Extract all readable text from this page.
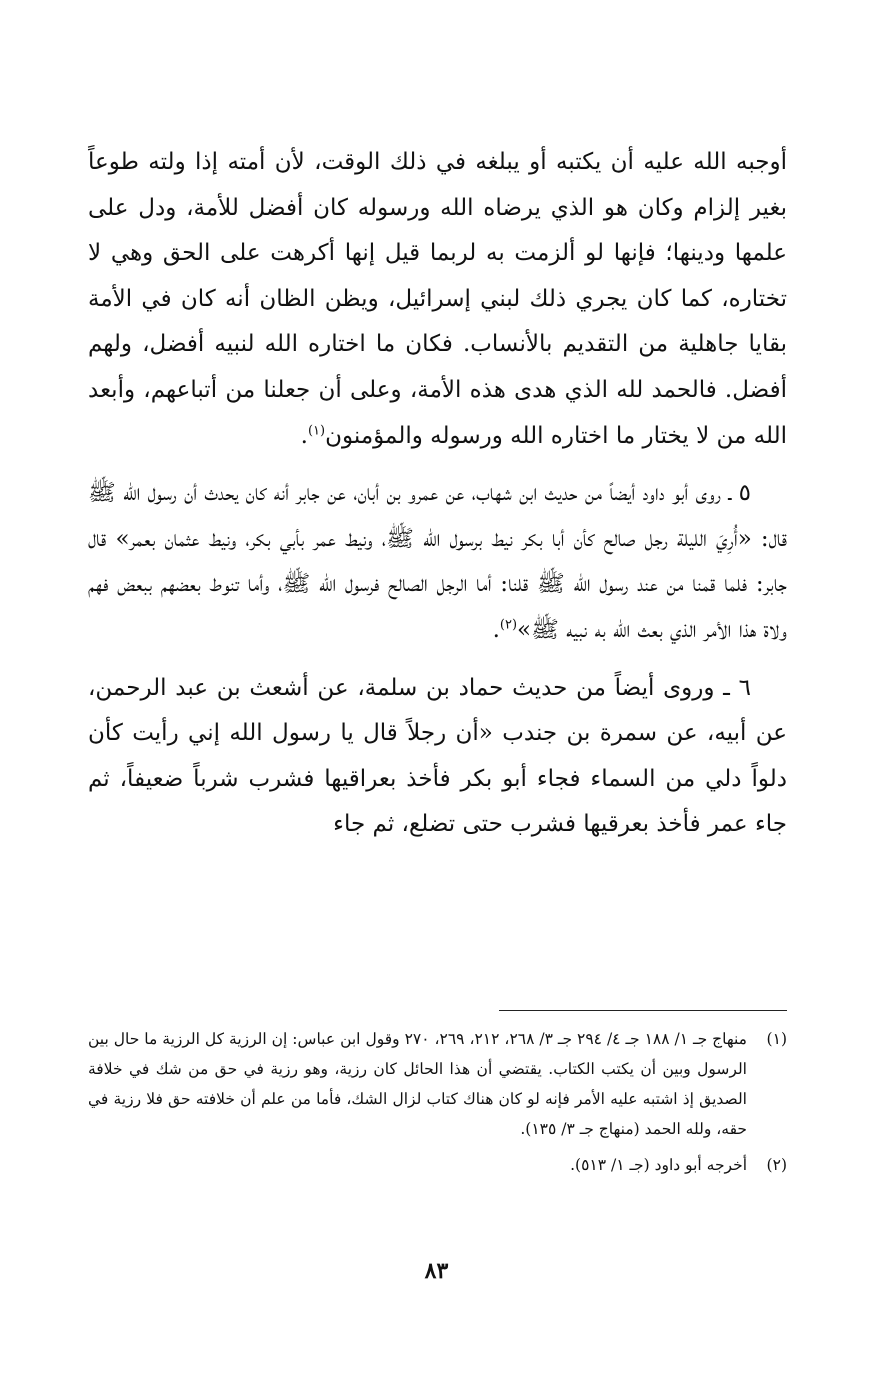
أوجبه الله عليه أن يكتبه أو يبلغه في ذلك الوقت، لأن أمته إذا ولته طوعاً بغير إلزام وكان هو الذي يرضاه الله ورسوله كان أفضل للأمة، ودل على علمها ودينها؛ فإنها لو ألزمت به لربما قيل إنها أكرهت على الحق وهي لا تختاره، كما كان يجري ذلك لبني إسرائيل، ويظن الظان أنه كان في الأمة بقايا جاهلية من التقديم بالأنساب. فكان ما اختاره الله لنبيه أفضل، ولهم أفضل. فالحمد لله الذي هدى هذه الأمة، وعلى أن جعلنا من أتباعهم، وأبعد الله من لا يختار ما اختاره الله ورسوله والمؤمنون$^{(١)}$.

٥ ـ روى أبو داود أيضاً من حديث ابن شهاب، عن عمرو بن أبان، عن جابر أنه كان يحدث أن رسول الله ﷺ قال: «أُرِيَ الليلة رجل صالح كأن أبا بكر نيط برسول الله ﷺ، ونيط عمر بأبي بكر، ونيط عثمان بعمر» قال جابر: فلما قمنا من عند رسول الله ﷺ قلنا: أما الرجل الصالح فرسول الله ﷺ، وأما تنوط بعضهم ببعض فهم ولاة هذا الأمر الذي بعث الله به نبيه ﷺ»$^{(٢)}$.

٦ ـ وروى أيضاً من حديث حماد بن سلمة، عن أشعث بن عبد الرحمن، عن أبيه، عن سمرة بن جندب «أن رجلاً قال يا رسول الله إني رأيت كأن دلواً دلي من السماء فجاء أبو بكر فأخذ بعراقيها فشرب شرباً ضعيفاً، ثم جاء عمر فأخذ بعرقيها فشرب حتى تضلع، ثم جاء

(١)
منهاج جـ ١/ ١٨٨ جـ ٤/ ٢٩٤ جـ ٣/ ٢٦٨، ٢١٢، ٢٦٩، ٢٧٠ وقول ابن عباس: إن الرزية كل الرزية ما حال بين الرسول وبين أن يكتب الكتاب. يقتضي أن هذا الحائل كان رزية، وهو رزية في حق من شك في خلافة الصديق إذ اشتبه عليه الأمر فإنه لو كان هناك كتاب لزال الشك، فأما من علم أن خلافته حق فلا رزية في حقه، ولله الحمد (منهاج جـ ٣/ ١٣٥).
(٢)
أخرجه أبو داود (جـ ١/ ٥١٣).
٨٣
